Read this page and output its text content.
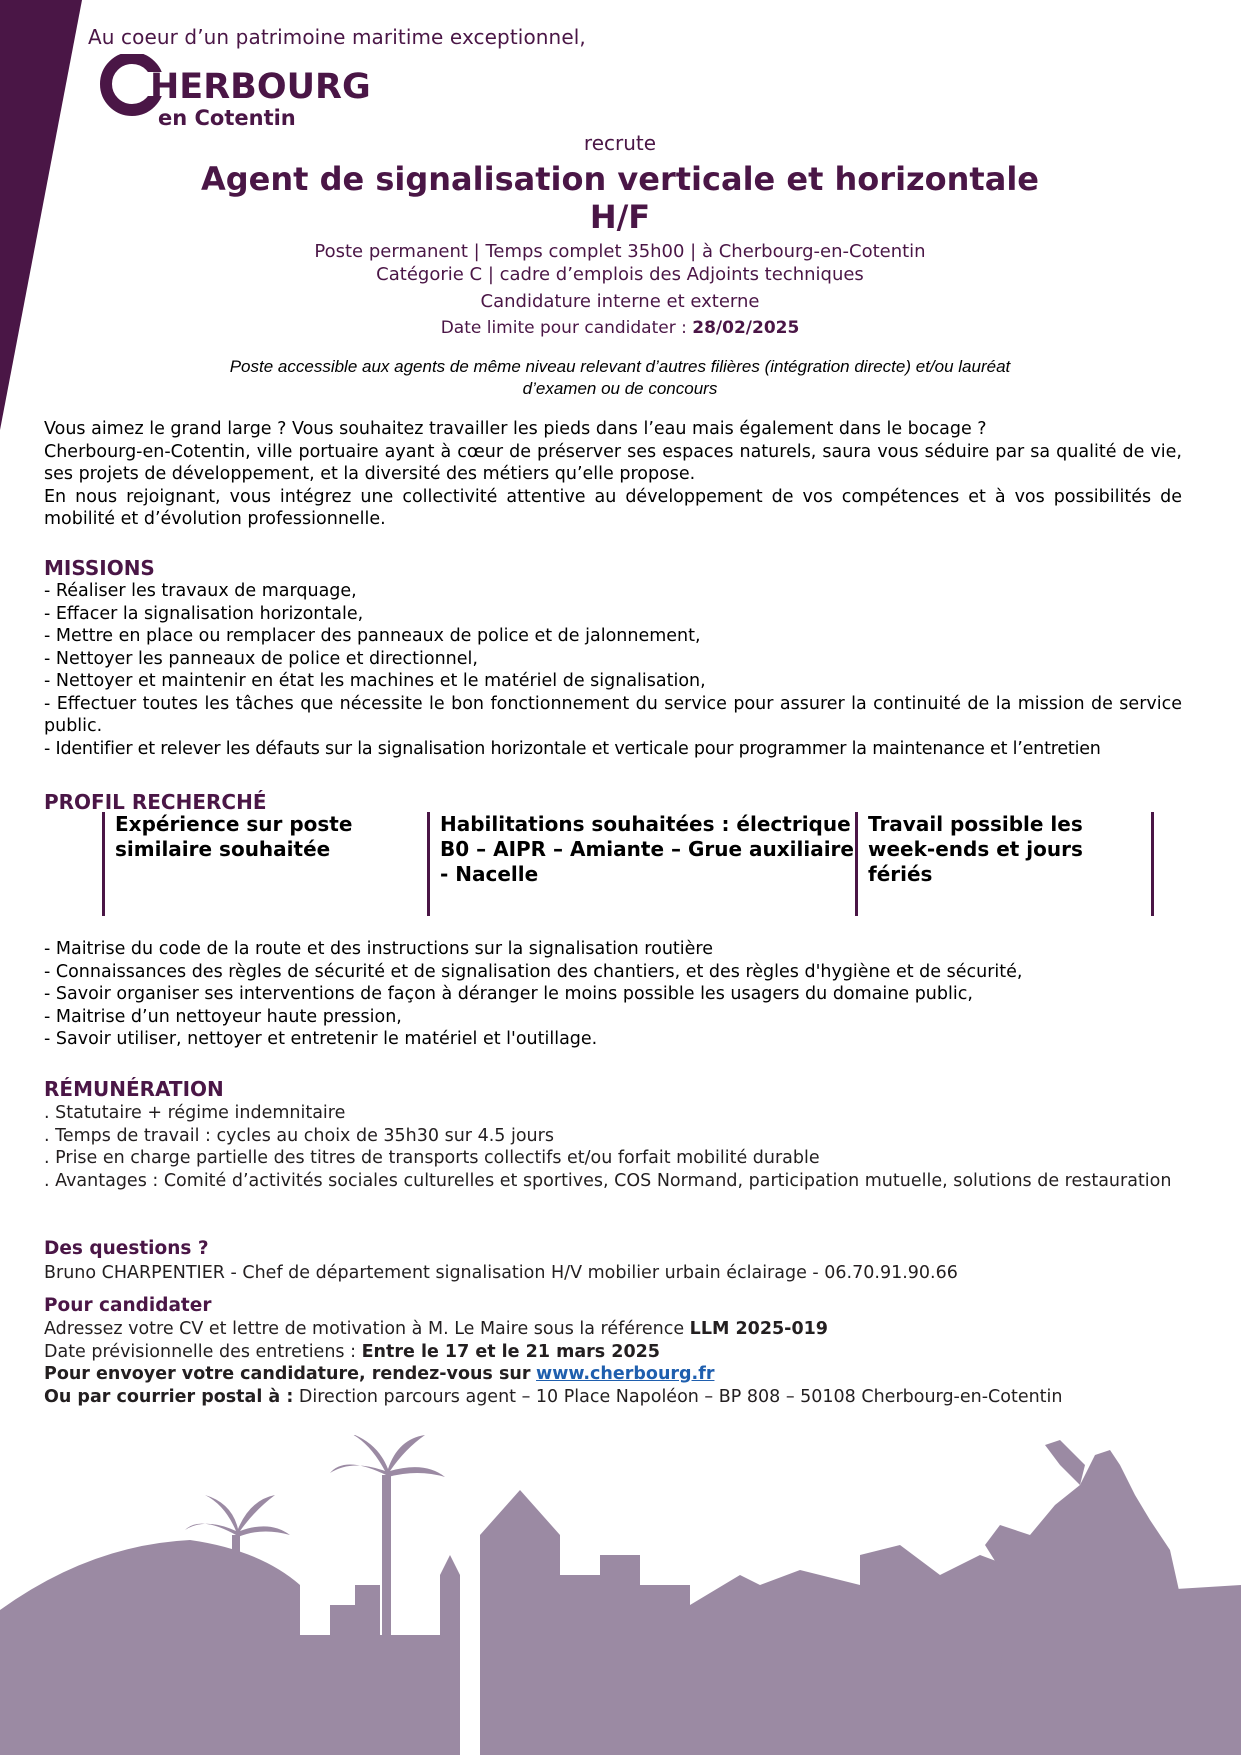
Au coeur d’un patrimoine maritime exceptionnel,
HERBOURG
en Cotentin
recrute
Agent de signalisation verticale et horizontale
H/F
Poste permanent | Temps complet 35h00 | à Cherbourg-en-Cotentin
Catégorie C | cadre d’emplois des Adjoints techniques
Candidature interne et externe
Date limite pour candidater : 28/02/2025
Poste accessible aux agents de même niveau relevant d’autres filières (intégration directe) et/ou lauréat
d’examen ou de concours
Vous aimez le grand large ? Vous souhaitez travailler les pieds dans l’eau mais également dans le bocage ?
Cherbourg-en-Cotentin, ville portuaire ayant à cœur de préserver ses espaces naturels, saura vous séduire par sa qualité de vie, ses projets de développement, et la diversité des métiers qu’elle propose.
En nous rejoignant, vous intégrez une collectivité attentive au développement de vos compétences et à vos possibilités de mobilité et d’évolution professionnelle.
MISSIONS
- Réaliser les travaux de marquage,
- Effacer la signalisation horizontale,
- Mettre en place ou remplacer des panneaux de police et de jalonnement,
- Nettoyer les panneaux de police et directionnel,
- Nettoyer et maintenir en état les machines et le matériel de signalisation,
- Effectuer toutes les tâches que nécessite le bon fonctionnement du service pour assurer la continuité de la mission de service public.
- Identifier et relever les défauts sur la signalisation horizontale et verticale pour programmer la maintenance et l’entretien
PROFIL RECHERCHÉ
Expérience sur poste similaire souhaitée
Habilitations souhaitées : électrique B0 – AIPR – Amiante – Grue auxiliaire - Nacelle
Travail possible les week-ends et jours fériés
- Maitrise du code de la route et des instructions sur la signalisation routière
- Connaissances des règles de sécurité et de signalisation des chantiers, et des règles d'hygiène et de sécurité,
- Savoir organiser ses interventions de façon à déranger le moins possible les usagers du domaine public,
- Maitrise d’un nettoyeur haute pression,
- Savoir utiliser, nettoyer et entretenir le matériel et l'outillage.
RÉMUNÉRATION
. Statutaire + régime indemnitaire
. Temps de travail : cycles au choix de 35h30 sur 4.5 jours
. Prise en charge partielle des titres de transports collectifs et/ou forfait mobilité durable
. Avantages : Comité d’activités sociales culturelles et sportives, COS Normand, participation mutuelle, solutions de restauration
Des questions ?
Bruno CHARPENTIER - Chef de département signalisation H/V mobilier urbain éclairage - 06.70.91.90.66
Pour candidater
Adressez votre CV et lettre de motivation à M. Le Maire sous la référence LLM 2025-019
Date prévisionnelle des entretiens : Entre le 17 et le 21 mars 2025
Pour envoyer votre candidature, rendez-vous sur www.cherbourg.fr
Ou par courrier postal à : Direction parcours agent – 10 Place Napoléon – BP 808 – 50108 Cherbourg-en-Cotentin
